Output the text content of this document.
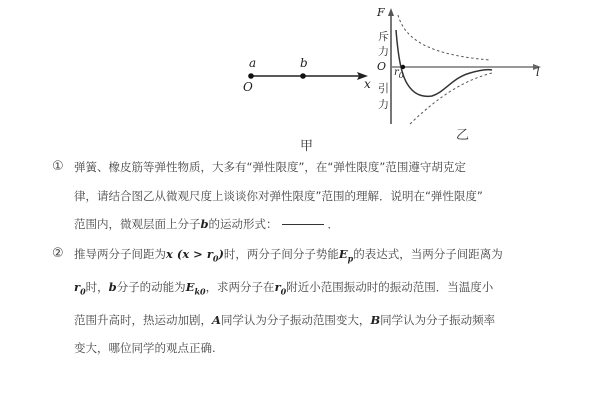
a	b
O	x
甲
F
斥
力
O $r_0$	l
引
力
乙
① 弹簧、橡皮筋等弹性物质，大多有“弹性限度”，在“弹性限度”范围遵守胡克定
律，请结合图乙从微观尺度上谈谈你对弹性限度”范围的理解．说明在“弹性限度”
范围内，微观层面上分子b的运动形式：	．
② 推导两分子间距为x $(x > r_0)$时，两分子间分子势能$E_p$的表达式，当两分子间距离为
$r_0$时，b分子的动能为$E_{k0}$，求两分子在$r_0$附近小范围振动时的振动范围．当温度小
范围升高时，热运动加剧，A同学认为分子振动范围变大，B同学认为分子振动频率
变大，哪位同学的观点正确.
